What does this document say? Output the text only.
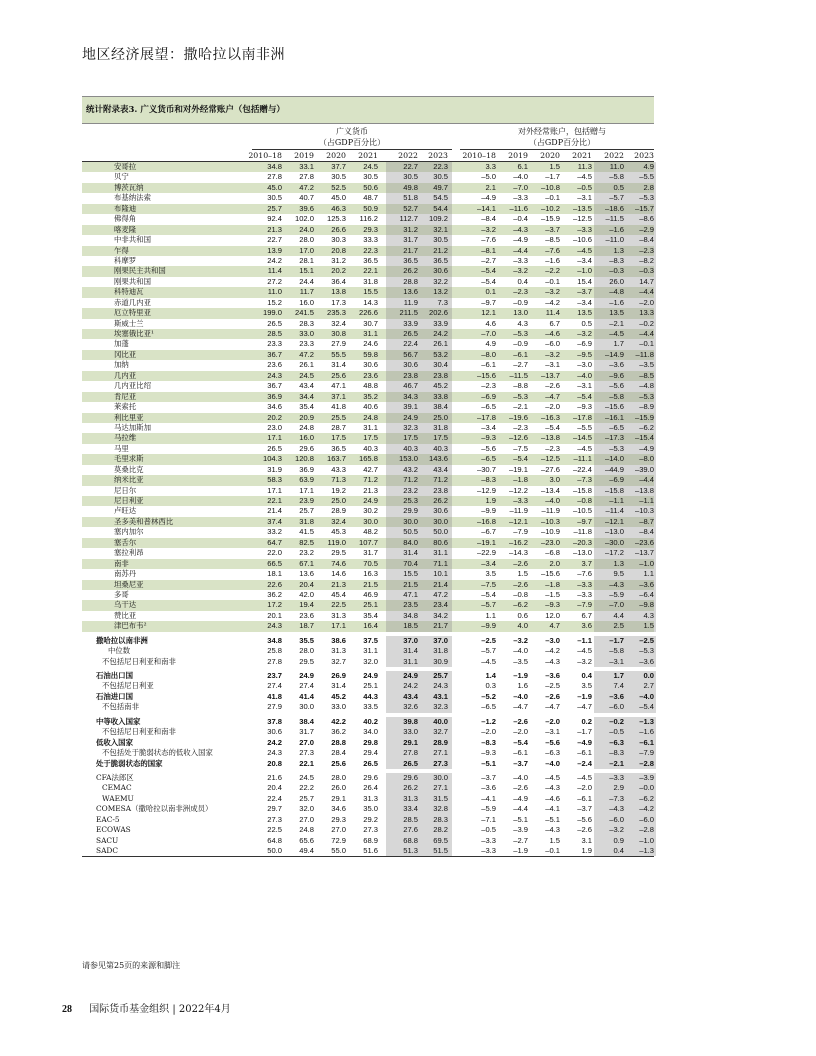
地区经济展望：撒哈拉以南非洲
统计附录表3. 广义货币和对外经常账户（包括赠与）
广义货币
（占GDP百分比）
对外经常账户，包括赠与
（占GDP百分比）
2010–18	2019	2020	2021	2022	2023	2010–18	2019	2020	2021	2022	2023
安哥拉	34.8	33.1	37.7	24.5	22.7	22.3	3.3	6.1	1.5	11.3	11.0	4.9
贝宁	27.8	27.8	30.5	30.5	30.5	30.5	–5.0	–4.0	–1.7	–4.5	–5.8	–5.5
博茨瓦纳	45.0	47.2	52.5	50.6	49.8	49.7	2.1	–7.0	–10.8	–0.5	0.5	2.8
布基纳法索	30.5	40.7	45.0	48.7	51.8	54.5	–4.9	–3.3	–0.1	–3.1	–5.7	–5.3
布隆迪	25.7	39.6	46.3	50.9	52.7	54.4	–14.1	–11.6	–10.2	–13.5	–18.6	–15.7
佛得角	92.4	102.0	125.3	116.2	112.7	109.2	–8.4	–0.4	–15.9	–12.5	–11.5	–8.6
喀麦隆	21.3	24.0	26.6	29.3	31.2	32.1	–3.2	–4.3	–3.7	–3.3	–1.6	–2.9
中非共和国	22.7	28.0	30.3	33.3	31.7	30.5	–7.6	–4.9	–8.5	–10.6	–11.0	–8.4
乍得	13.9	17.0	20.8	22.3	21.7	21.2	–8.1	–4.4	–7.6	–4.5	1.3	–2.3
科摩罗	24.2	28.1	31.2	36.5	36.5	36.5	–2.7	–3.3	–1.6	–3.4	–8.3	–8.2
刚果民主共和国	11.4	15.1	20.2	22.1	26.2	30.6	–5.4	–3.2	–2.2	–1.0	–0.3	–0.3
刚果共和国	27.2	24.4	36.4	31.8	28.8	32.2	–5.4	0.4	–0.1	15.4	26.0	14.7
科特迪瓦	11.0	11.7	13.8	15.5	13.6	13.2	0.1	–2.3	–3.2	–3.7	–4.8	–4.4
赤道几内亚	15.2	16.0	17.3	14.3	11.9	7.3	–9.7	–0.9	–4.2	–3.4	–1.6	–2.0
厄立特里亚	199.0	241.5	235.3	226.6	211.5	202.6	12.1	13.0	11.4	13.5	13.5	13.3
斯威士兰	26.5	28.3	32.4	30.7	33.9	33.9	4.6	4.3	6.7	0.5	–2.1	–0.2
埃塞俄比亚¹	28.5	33.0	30.8	31.1	26.5	24.2	–7.0	–5.3	–4.6	–3.2	–4.5	–4.4
加蓬	23.3	23.3	27.9	24.6	22.4	26.1	4.9	–0.9	–6.0	–6.9	1.7	–0.1
冈比亚	36.7	47.2	55.5	59.8	56.7	53.2	–8.0	–6.1	–3.2	–9.5	–14.9	–11.8
加纳	23.6	26.1	31.4	30.6	30.6	30.4	–6.1	–2.7	–3.1	–3.0	–3.6	–3.5
几内亚	24.3	24.5	25.6	23.6	23.8	23.8	–15.6	–11.5	–13.7	–4.0	–9.6	–8.5
几内亚比绍	36.7	43.4	47.1	48.8	46.7	45.2	–2.3	–8.8	–2.6	–3.1	–5.6	–4.8
肯尼亚	36.9	34.4	37.1	35.2	34.3	33.8	–6.9	–5.3	–4.7	–5.4	–5.8	–5.3
莱索托	34.6	35.4	41.8	40.6	39.1	38.4	–6.5	–2.1	–2.0	–9.3	–15.6	–8.9
利比里亚	20.2	20.9	25.5	24.8	24.9	25.0	–17.8	–19.6	–16.3	–17.8	–16.1	–15.9
马达加斯加	23.0	24.8	28.7	31.1	32.3	31.8	–3.4	–2.3	–5.4	–5.5	–6.5	–6.2
马拉维	17.1	16.0	17.5	17.5	17.5	17.5	–9.3	–12.6	–13.8	–14.5	–17.3	–15.4
马里	26.5	29.6	36.5	40.3	40.3	40.3	–5.6	–7.5	–2.3	–4.5	–5.3	–4.9
毛里求斯	104.3	120.8	163.7	165.8	153.0	143.6	–6.5	–5.4	–12.5	–11.1	–14.0	–8.0
莫桑比克	31.9	36.9	43.3	42.7	43.2	43.4	–30.7	–19.1	–27.6	–22.4	–44.9	–39.0
纳米比亚	58.3	63.9	71.3	71.2	71.2	71.2	–8.3	–1.8	3.0	–7.3	–6.9	–4.4
尼日尔	17.1	17.1	19.2	21.3	23.2	23.8	–12.9	–12.2	–13.4	–15.8	–15.8	–13.8
尼日利亚	22.1	23.9	25.0	24.9	25.3	26.2	1.9	–3.3	–4.0	–0.8	–1.1	–1.1
卢旺达	21.4	25.7	28.9	30.2	29.9	30.6	–9.9	–11.9	–11.9	–10.5	–11.4	–10.3
圣多美和普林西比	37.4	31.8	32.4	30.0	30.0	30.0	–16.8	–12.1	–10.3	–9.7	–12.1	–8.7
塞内加尔	33.2	41.5	45.3	48.2	50.5	50.0	–6.7	–7.9	–10.9	–11.8	–13.0	–8.4
塞舌尔	64.7	82.5	119.0	107.7	84.0	80.6	–19.1	–16.2	–23.0	–20.3	–30.0	–23.6
塞拉利昂	22.0	23.2	29.5	31.7	31.4	31.1	–22.9	–14.3	–6.8	–13.0	–17.2	–13.7
南非	66.5	67.1	74.6	70.5	70.4	71.1	–3.4	–2.6	2.0	3.7	1.3	–1.0
南苏丹	18.1	13.6	14.6	16.3	15.5	10.1	3.5	1.5	–15.6	–7.6	9.5	1.1
坦桑尼亚	22.6	20.4	21.3	21.5	21.5	21.4	–7.5	–2.6	–1.8	–3.3	–4.3	–3.6
多哥	36.2	42.0	45.4	46.9	47.1	47.2	–5.4	–0.8	–1.5	–3.3	–5.9	–6.4
乌干达	17.2	19.4	22.5	25.1	23.5	23.4	–5.7	–6.2	–9.3	–7.9	–7.0	–9.8
赞比亚	20.1	23.6	31.3	35.4	34.8	34.2	1.1	0.6	12.0	6.7	4.4	4.3
津巴布韦²	24.3	18.7	17.1	16.4	18.5	21.7	–9.9	4.0	4.7	3.6	2.5	1.5
撒哈拉以南非洲	34.8	35.5	38.6	37.5	37.0	37.0	–2.5	–3.2	–3.0	–1.1	–1.7	–2.5
中位数	25.8	28.0	31.3	31.1	31.4	31.8	–5.7	–4.0	–4.2	–4.5	–5.8	–5.3
不包括尼日利亚和南非	27.8	29.5	32.7	32.0	31.1	30.9	–4.5	–3.5	–4.3	–3.2	–3.1	–3.6
石油出口国	23.7	24.9	26.9	24.9	24.9	25.7	1.4	–1.9	–3.6	0.4	1.7	0.0
不包括尼日利亚	27.4	27.4	31.4	25.1	24.2	24.3	0.3	1.6	–2.5	3.5	7.4	2.7
石油进口国	41.8	41.4	45.2	44.3	43.4	43.1	–5.2	–4.0	–2.6	–1.9	–3.6	–4.0
不包括南非	27.9	30.0	33.0	33.5	32.6	32.3	–6.5	–4.7	–4.7	–4.7	–6.0	–5.4
中等收入国家	37.8	38.4	42.2	40.2	39.8	40.0	–1.2	–2.6	–2.0	0.2	–0.2	–1.3
不包括尼日利亚和南非	30.6	31.7	36.2	34.0	33.0	32.7	–2.0	–2.0	–3.1	–1.7	–0.5	–1.6
低收入国家	24.2	27.0	28.8	29.8	29.1	28.9	–8.3	–5.4	–5.6	–4.9	–6.3	–6.1
不包括处于脆弱状态的低收入国家	24.3	27.3	28.4	29.4	27.8	27.1	–9.3	–6.1	–6.3	–6.1	–8.3	–7.9
处于脆弱状态的国家	20.8	22.1	25.6	26.5	26.5	27.3	–5.1	–3.7	–4.0	–2.4	–2.1	–2.8
CFA法郎区	21.6	24.5	28.0	29.6	29.6	30.0	–3.7	–4.0	–4.5	–4.5	–3.3	–3.9
CEMAC	20.4	22.2	26.0	26.4	26.2	27.1	–3.6	–2.6	–4.3	–2.0	2.9	–0.0
WAEMU	22.4	25.7	29.1	31.3	31.3	31.5	–4.1	–4.9	–4.6	–6.1	–7.3	–6.2
COMESA（撒哈拉以南非洲成员）	29.7	32.0	34.6	35.0	33.4	32.8	–5.9	–4.4	–4.1	–3.7	–4.3	–4.2
EAC-5	27.3	27.0	29.3	29.2	28.5	28.3	–7.1	–5.1	–5.1	–5.6	–6.0	–6.0
ECOWAS	22.5	24.8	27.0	27.3	27.6	28.2	–0.5	–3.9	–4.3	–2.6	–3.2	–2.8
SACU	64.8	65.6	72.9	68.9	68.8	69.5	–3.3	–2.7	1.5	3.1	0.9	–1.0
SADC	50.0	49.4	55.0	51.6	51.3	51.5	–3.3	–1.9	–0.1	1.9	0.4	–1.3
请参见第25页的来源和脚注
28 国际货币基金组织 | 2022年4月
